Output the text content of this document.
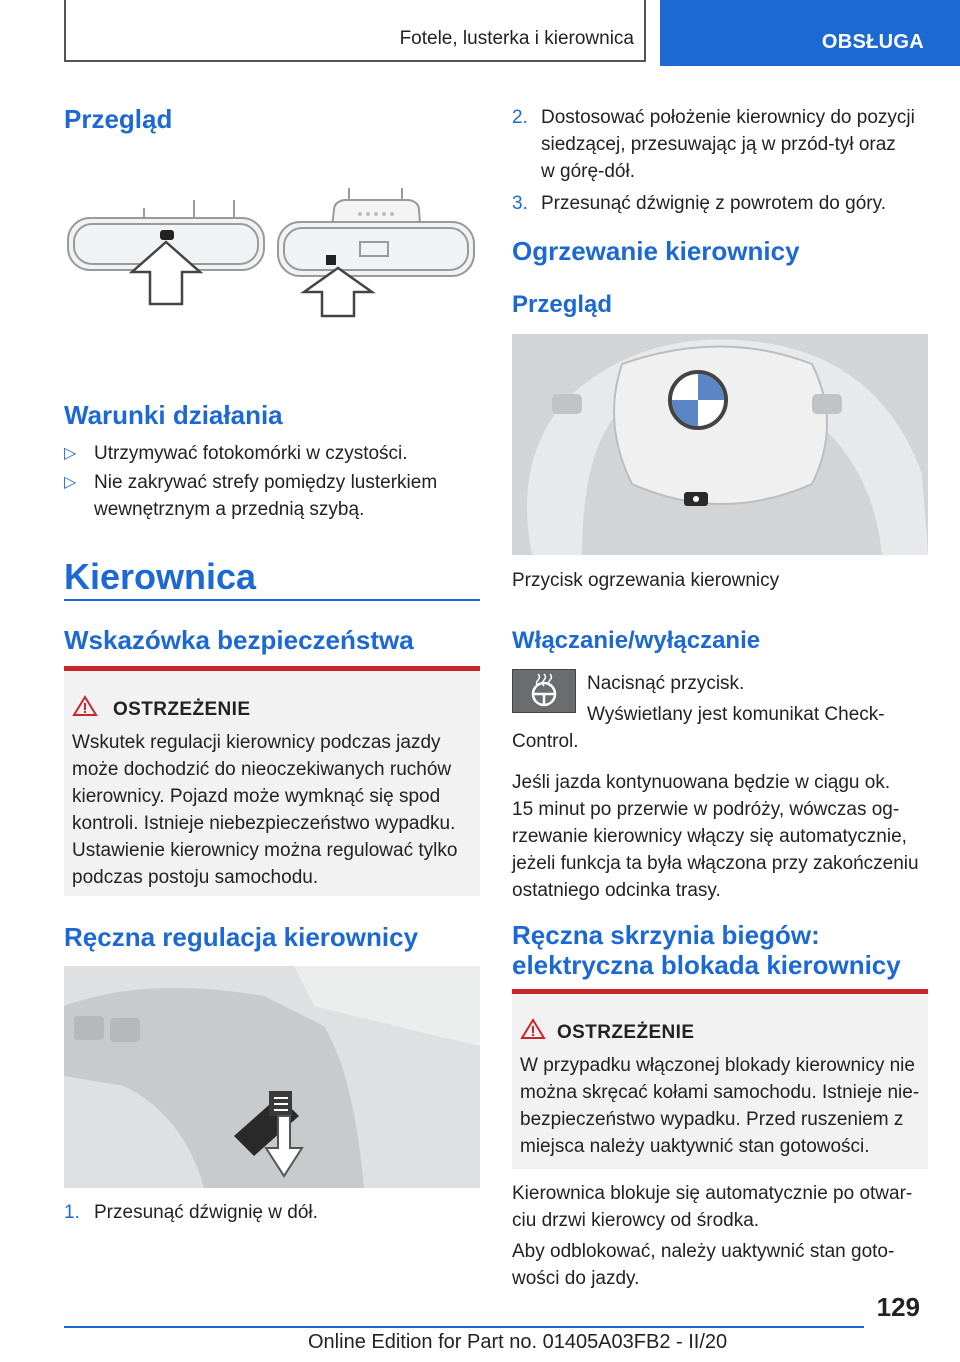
Fotele, lusterka i kierownica	OBSŁUGA
Przegląd
Warunki działania
▷ Utrzymywać fotokomórki w czystości.
▷ Nie zakrywać strefy pomiędzy lusterkiem
wewnętrznym a przednią szybą.
Kierownica
Wskazówka bezpieczeństwa
OSTRZEŻENIE
Wskutek regulacji kierownicy podczas jazdy
może dochodzić do nieoczekiwanych ruchów
kierownicy. Pojazd może wymknąć się spod
kontroli. Istnieje niebezpieczeństwo wypadku.
Ustawienie kierownicy można regulować tylko
podczas postoju samochodu.
Ręczna regulacja kierownicy
1. Przesunąć dźwignię w dół.
2. Dostosować położenie kierownicy do pozycji
siedzącej, przesuwając ją w przód-tył oraz
w górę-dół.
3. Przesunąć dźwignię z powrotem do góry.
Ogrzewanie kierownicy
Przegląd
Przycisk ogrzewania kierownicy
Włączanie/wyłączanie
Nacisnąć przycisk.
Wyświetlany jest komunikat Check-
Control.
Jeśli jazda kontynuowana będzie w ciągu ok.
15 minut po przerwie w podróży, wówczas og-
rzewanie kierownicy włączy się automatycznie,
jeżeli funkcja ta była włączona przy zakończeniu
ostatniego odcinka trasy.
Ręczna skrzynia biegów:
elektryczna blokada kierownicy
OSTRZEŻENIE
W przypadku włączonej blokady kierownicy nie
można skręcać kołami samochodu. Istnieje nie-
bezpieczeństwo wypadku. Przed ruszeniem z
miejsca należy uaktywnić stan gotowości.
Kierownica blokuje się automatycznie po otwar-
ciu drzwi kierowcy od środka.
Aby odblokować, należy uaktywnić stan goto-
wości do jazdy.
129
Online Edition for Part no. 01405A03FB2 - II/20
